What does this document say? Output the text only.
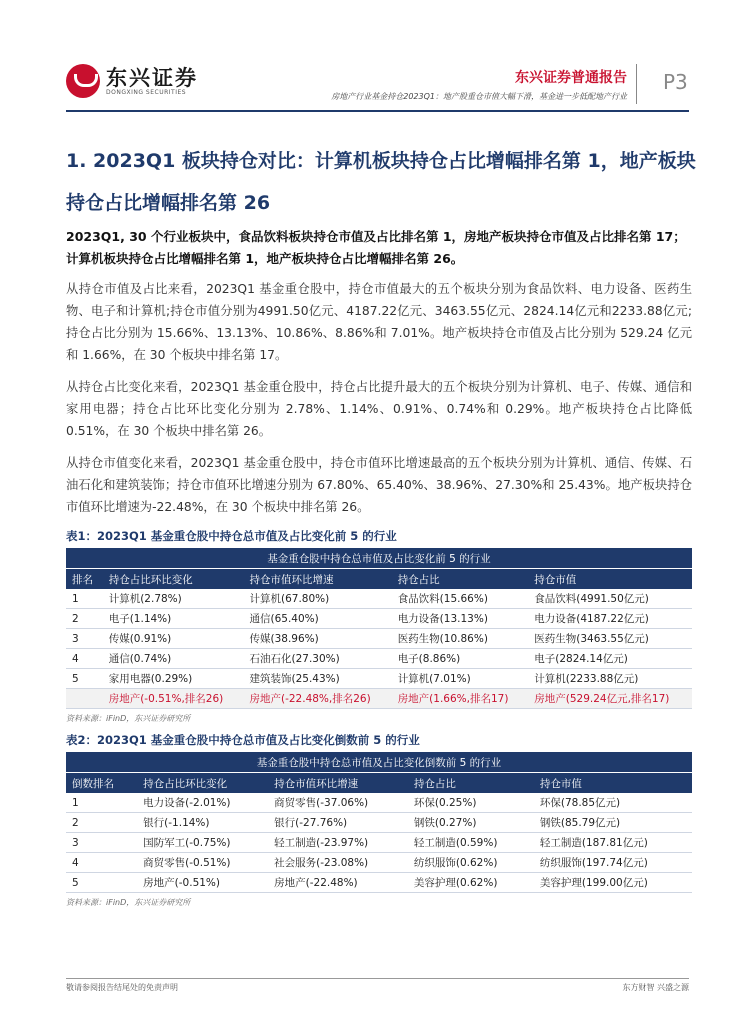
东兴证券
DONGXING SECURITIES
东兴证券普通报告
房地产行业基金持仓2023Q1：地产股重仓市值大幅下滑，基金进一步低配地产行业
P3
1. 2023Q1 板块持仓对比：计算机板块持仓占比增幅排名第 1，地产板块持仓占比增幅排名第 26

2023Q1, 30 个行业板块中，食品饮料板块持仓市值及占比排名第 1，房地产板块持仓市值及占比排名第 17；计算机板块持仓占比增幅排名第 1，地产板块持仓占比增幅排名第 26。

从持仓市值及占比来看，2023Q1 基金重仓股中，持仓市值最大的五个板块分别为食品饮料、电力设备、医药生物、电子和计算机;持仓市值分别为4991.50亿元、4187.22亿元、3463.55亿元、2824.14亿元和2233.88亿元;持仓占比分别为 15.66%、13.13%、10.86%、8.86%和 7.01%。地产板块持仓市值及占比分别为 529.24 亿元和 1.66%，在 30 个板块中排名第 17。

从持仓占比变化来看，2023Q1 基金重仓股中，持仓占比提升最大的五个板块分别为计算机、电子、传媒、通信和家用电器；持仓占比环比变化分别为 2.78%、1.14%、0.91%、0.74%和 0.29%。地产板块持仓占比降低 0.51%，在 30 个板块中排名第 26。

从持仓市值变化来看，2023Q1 基金重仓股中，持仓市值环比增速最高的五个板块分别为计算机、通信、传媒、石油石化和建筑装饰；持仓市值环比增速分别为 67.80%、65.40%、38.96%、27.30%和 25.43%。地产板块持仓市值环比增速为-22.48%，在 30 个板块中排名第 26。

表1：2023Q1 基金重仓股中持仓总市值及占比变化前 5 的行业
基金重仓股中持仓总市值及占比变化前 5 的行业				
排名	持仓占比环比变化	持仓市值环比增速	持仓占比	持仓市值
1	计算机(2.78%)	计算机(67.80%)	食品饮料(15.66%)	食品饮料(4991.50亿元)
2	电子(1.14%)	通信(65.40%)	电力设备(13.13%)	电力设备(4187.22亿元)
3	传媒(0.91%)	传媒(38.96%)	医药生物(10.86%)	医药生物(3463.55亿元)
4	通信(0.74%)	石油石化(27.30%)	电子(8.86%)	电子(2824.14亿元)
5	家用电器(0.29%)	建筑装饰(25.43%)	计算机(7.01%)	计算机(2233.88亿元)
	房地产(-0.51%,排名26)	房地产(-22.48%,排名26)	房地产(1.66%,排名17)	房地产(529.24亿元,排名17)
资料来源：iFinD，东兴证券研究所
表2：2023Q1 基金重仓股中持仓总市值及占比变化倒数前 5 的行业
基金重仓股中持仓总市值及占比变化倒数前 5 的行业				
倒数排名	持仓占比环比变化	持仓市值环比增速	持仓占比	持仓市值
1	电力设备(-2.01%)	商贸零售(-37.06%)	环保(0.25%)	环保(78.85亿元)
2	银行(-1.14%)	银行(-27.76%)	钢铁(0.27%)	钢铁(85.79亿元)
3	国防军工(-0.75%)	轻工制造(-23.97%)	轻工制造(0.59%)	轻工制造(187.81亿元)
4	商贸零售(-0.51%)	社会服务(-23.08%)	纺织服饰(0.62%)	纺织服饰(197.74亿元)
5	房地产(-0.51%)	房地产(-22.48%)	美容护理(0.62%)	美容护理(199.00亿元)
资料来源：iFinD，东兴证券研究所
敬请参阅报告结尾处的免责声明	东方财智 兴盛之源
